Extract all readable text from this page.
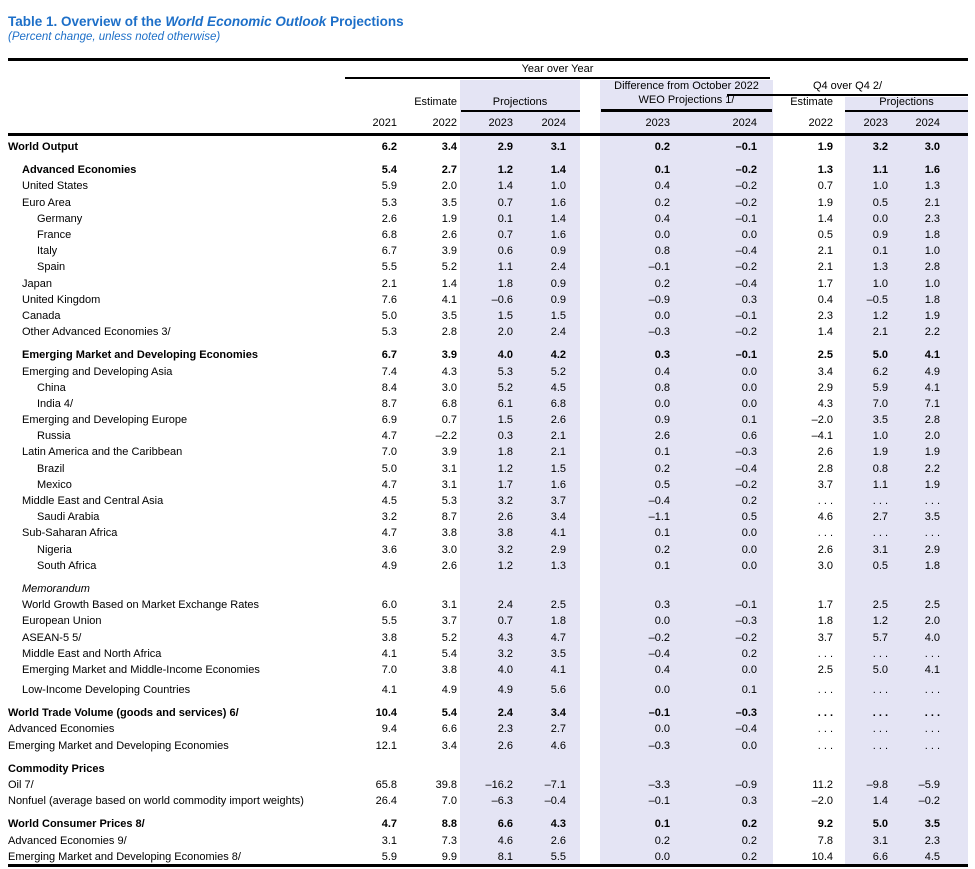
Table 1. Overview of the World Economic Outlook Projections
(Percent change, unless noted otherwise)
Year over Year
Difference from October 2022
WEO Projections 1/
Q4 over Q4 2/
Estimate	Projections	Estimate	Projections
2021	2022	2023	2024	2023	2024	2022	2023	2024
World Output	6.2	3.4	2.9	3.1	0.2	–0.1	1.9	3.2	3.0
Advanced Economies	5.4	2.7	1.2	1.4	0.1	–0.2	1.3	1.1	1.6
United States	5.9	2.0	1.4	1.0	0.4	–0.2	0.7	1.0	1.3
Euro Area	5.3	3.5	0.7	1.6	0.2	–0.2	1.9	0.5	2.1
Germany	2.6	1.9	0.1	1.4	0.4	–0.1	1.4	0.0	2.3
France	6.8	2.6	0.7	1.6	0.0	0.0	0.5	0.9	1.8
Italy	6.7	3.9	0.6	0.9	0.8	–0.4	2.1	0.1	1.0
Spain	5.5	5.2	1.1	2.4	–0.1	–0.2	2.1	1.3	2.8
Japan	2.1	1.4	1.8	0.9	0.2	–0.4	1.7	1.0	1.0
United Kingdom	7.6	4.1	–0.6	0.9	–0.9	0.3	0.4	–0.5	1.8
Canada	5.0	3.5	1.5	1.5	0.0	–0.1	2.3	1.2	1.9
Other Advanced Economies 3/	5.3	2.8	2.0	2.4	–0.3	–0.2	1.4	2.1	2.2
Emerging Market and Developing Economies	6.7	3.9	4.0	4.2	0.3	–0.1	2.5	5.0	4.1
Emerging and Developing Asia	7.4	4.3	5.3	5.2	0.4	0.0	3.4	6.2	4.9
China	8.4	3.0	5.2	4.5	0.8	0.0	2.9	5.9	4.1
India 4/	8.7	6.8	6.1	6.8	0.0	0.0	4.3	7.0	7.1
Emerging and Developing Europe	6.9	0.7	1.5	2.6	0.9	0.1	–2.0	3.5	2.8
Russia	4.7	–2.2	0.3	2.1	2.6	0.6	–4.1	1.0	2.0
Latin America and the Caribbean	7.0	3.9	1.8	2.1	0.1	–0.3	2.6	1.9	1.9
Brazil	5.0	3.1	1.2	1.5	0.2	–0.4	2.8	0.8	2.2
Mexico	4.7	3.1	1.7	1.6	0.5	–0.2	3.7	1.1	1.9
Middle East and Central Asia	4.5	5.3	3.2	3.7	–0.4	0.2	. . .	. . .	. . .
Saudi Arabia	3.2	8.7	2.6	3.4	–1.1	0.5	4.6	2.7	3.5
Sub-Saharan Africa	4.7	3.8	3.8	4.1	0.1	0.0	. . .	. . .	. . .
Nigeria	3.6	3.0	3.2	2.9	0.2	0.0	2.6	3.1	2.9
South Africa	4.9	2.6	1.2	1.3	0.1	0.0	3.0	0.5	1.8
Memorandum
World Growth Based on Market Exchange Rates	6.0	3.1	2.4	2.5	0.3	–0.1	1.7	2.5	2.5
European Union	5.5	3.7	0.7	1.8	0.0	–0.3	1.8	1.2	2.0
ASEAN-5 5/	3.8	5.2	4.3	4.7	–0.2	–0.2	3.7	5.7	4.0
Middle East and North Africa	4.1	5.4	3.2	3.5	–0.4	0.2	. . .	. . .	. . .
Emerging Market and Middle-Income Economies	7.0	3.8	4.0	4.1	0.4	0.0	2.5	5.0	4.1
Low-Income Developing Countries	4.1	4.9	4.9	5.6	0.0	0.1	. . .	. . .	. . .
World Trade Volume (goods and services) 6/	10.4	5.4	2.4	3.4	–0.1	–0.3	. . .	. . .	. . .
Advanced Economies	9.4	6.6	2.3	2.7	0.0	–0.4	. . .	. . .	. . .
Emerging Market and Developing Economies	12.1	3.4	2.6	4.6	–0.3	0.0	. . .	. . .	. . .
Commodity Prices
Oil 7/	65.8	39.8	–16.2	–7.1	–3.3	–0.9	11.2	–9.8	–5.9
Nonfuel (average based on world commodity import weights)	26.4	7.0	–6.3	–0.4	–0.1	0.3	–2.0	1.4	–0.2
World Consumer Prices 8/	4.7	8.8	6.6	4.3	0.1	0.2	9.2	5.0	3.5
Advanced Economies 9/	3.1	7.3	4.6	2.6	0.2	0.2	7.8	3.1	2.3
Emerging Market and Developing Economies 8/	5.9	9.9	8.1	5.5	0.0	0.2	10.4	6.6	4.5
